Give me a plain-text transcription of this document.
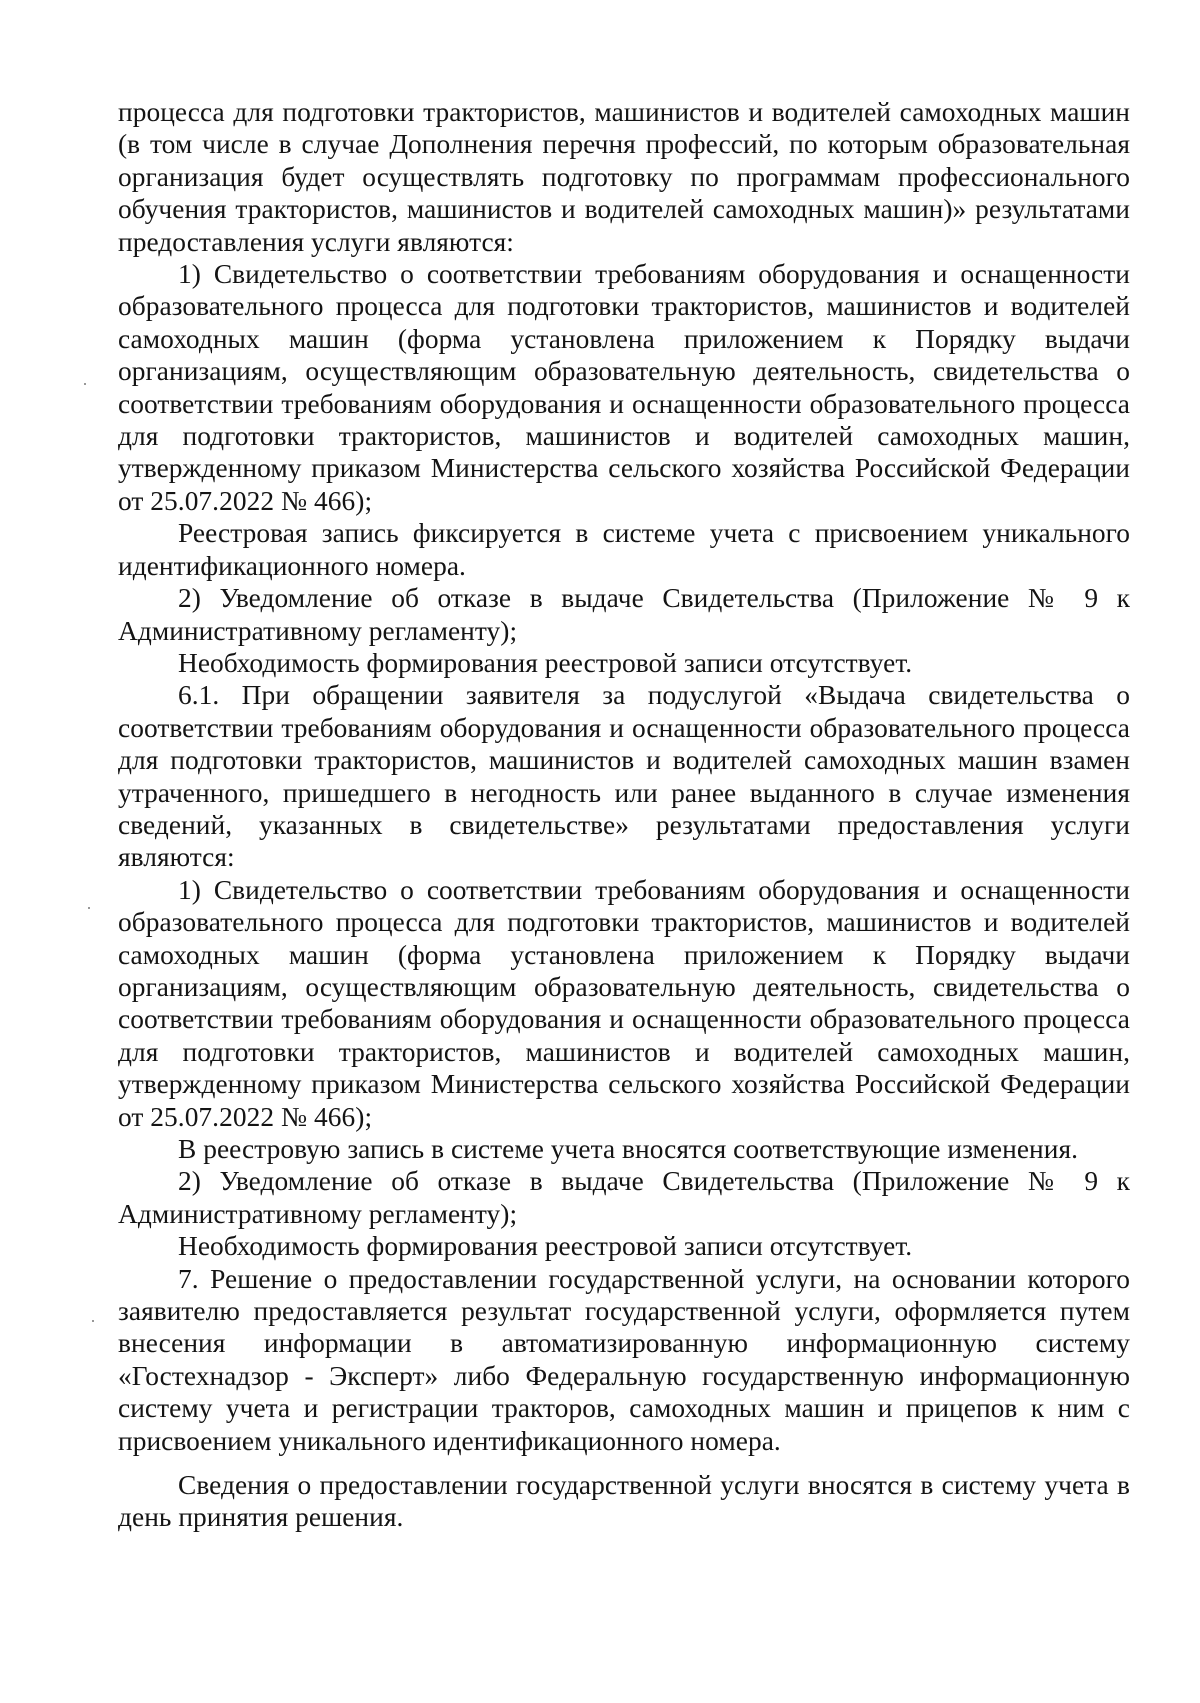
процесса для подготовки трактористов, машинистов и водителей самоходных машин (в том числе в случае Дополнения перечня профессий, по которым образовательная организация будет осуществлять подготовку по программам профессионального обучения трактористов, машинистов и водителей самоходных машин)» результатами предоставления услуги являются:

1) Свидетельство о соответствии требованиям оборудования и оснащенности образовательного процесса для подготовки трактористов, машинистов и водителей самоходных машин (форма установлена приложением к Порядку выдачи организациям, осуществляющим образовательную деятельность, свидетельства о соответствии требованиям оборудования и оснащенности образовательного процесса для подготовки трактористов, машинистов и водителей самоходных машин, утвержденному приказом Министерства сельского хозяйства Российской Федерации от 25.07.2022 № 466);

Реестровая запись фиксируется в системе учета с присвоением уникального идентификационного номера.

2) Уведомление об отказе в выдаче Свидетельства (Приложение № 9 к Административному регламенту);

Необходимость формирования реестровой записи отсутствует.

6.1. При обращении заявителя за подуслугой «Выдача свидетельства о соответствии требованиям оборудования и оснащенности образовательного процесса для подготовки трактористов, машинистов и водителей самоходных машин взамен утраченного, пришедшего в негодность или ранее выданного в случае изменения сведений, указанных в свидетельстве» результатами предоставления услуги являются:

1) Свидетельство о соответствии требованиям оборудования и оснащенности образовательного процесса для подготовки трактористов, машинистов и водителей самоходных машин (форма установлена приложением к Порядку выдачи организациям, осуществляющим образовательную деятельность, свидетельства о соответствии требованиям оборудования и оснащенности образовательного процесса для подготовки трактористов, машинистов и водителей самоходных машин, утвержденному приказом Министерства сельского хозяйства Российской Федерации от 25.07.2022 № 466);

В реестровую запись в системе учета вносятся соответствующие изменения.

2) Уведомление об отказе в выдаче Свидетельства (Приложение № 9 к Административному регламенту);

Необходимость формирования реестровой записи отсутствует.

7. Решение о предоставлении государственной услуги, на основании которого заявителю предоставляется результат государственной услуги, оформляется путем внесения информации в автоматизированную информационную систему «Гостехнадзор - Эксперт» либо Федеральную государственную информационную систему учета и регистрации тракторов, самоходных машин и прицепов к ним с присвоением уникального идентификационного номера.

Сведения о предоставлении государственной услуги вносятся в систему учета в день принятия решения.
